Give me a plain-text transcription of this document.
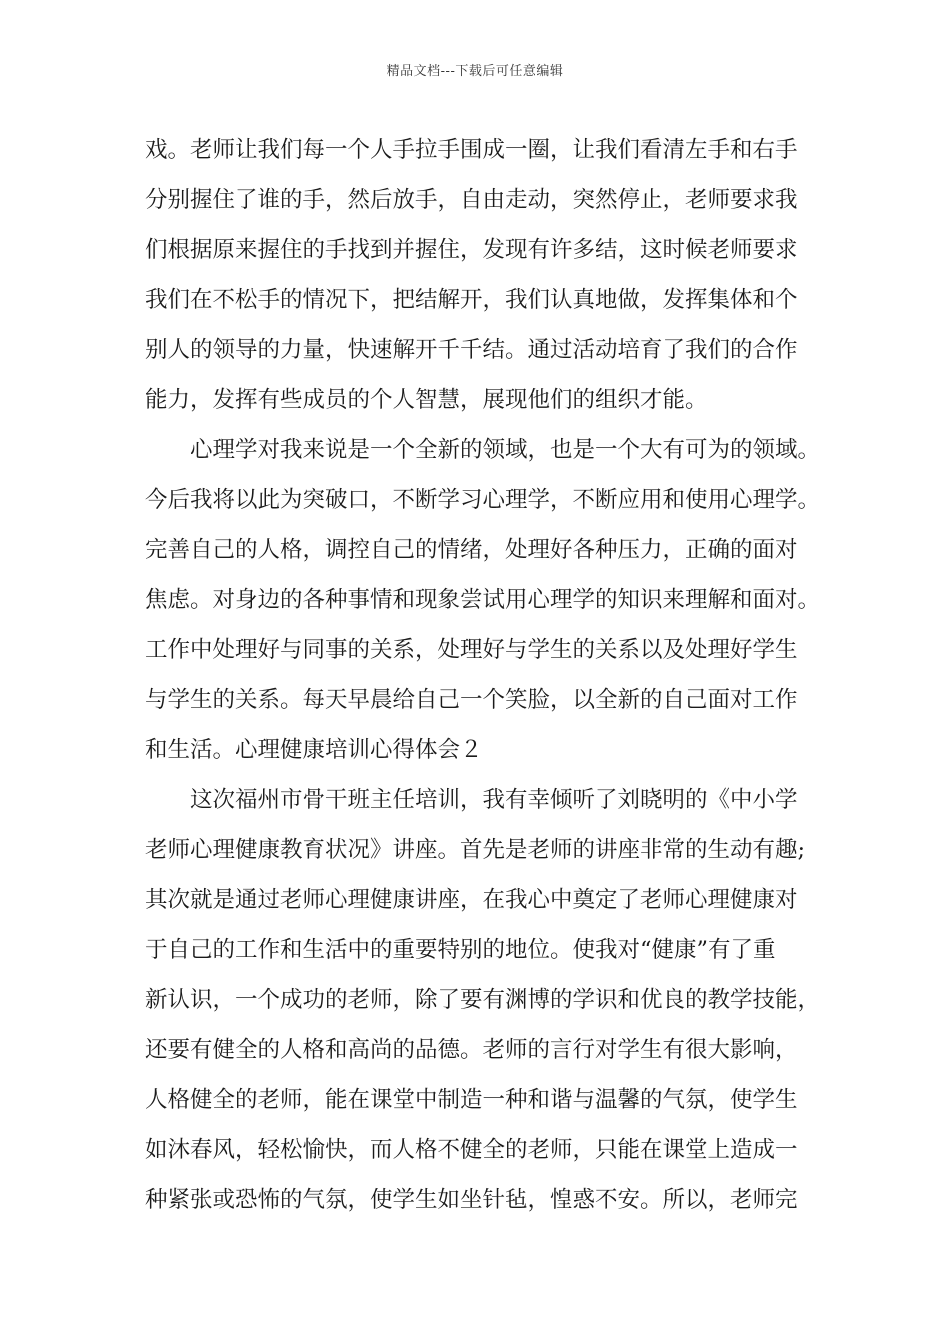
精品文档---下载后可任意编辑
戏。老师让我们每一个人手拉手围成一圈，让我们看清左手和右手
分别握住了谁的手，然后放手，自由走动，突然停止，老师要求我
们根据原来握住的手找到并握住，发现有许多结，这时候老师要求
我们在不松手的情况下，把结解开，我们认真地做，发挥集体和个
别人的领导的力量，快速解开千千结。通过活动培育了我们的合作
能力，发挥有些成员的个人智慧，展现他们的组织才能。
　　心理学对我来说是一个全新的领域，也是一个大有可为的领域。
今后我将以此为突破口，不断学习心理学，不断应用和使用心理学。
完善自己的人格，调控自己的情绪，处理好各种压力，正确的面对
焦虑。对身边的各种事情和现象尝试用心理学的知识来理解和面对。
工作中处理好与同事的关系，处理好与学生的关系以及处理好学生
与学生的关系。每天早晨给自己一个笑脸，以全新的自己面对工作
和生活。心理健康培训心得体会２
　　这次福州市骨干班主任培训，我有幸倾听了刘晓明的《中小学
老师心理健康教育状况》讲座。首先是老师的讲座非常的生动有趣;
其次就是通过老师心理健康讲座，在我心中奠定了老师心理健康对
于自己的工作和生活中的重要特别的地位。使我对“健康”有了重
新认识，一个成功的老师，除了要有渊博的学识和优良的教学技能，
还要有健全的人格和高尚的品德。老师的言行对学生有很大影响，
人格健全的老师，能在课堂中制造一种和谐与温馨的气氛，使学生
如沐春风，轻松愉快，而人格不健全的老师，只能在课堂上造成一
种紧张或恐怖的气氛，使学生如坐针毡，惶惑不安。所以，老师完
